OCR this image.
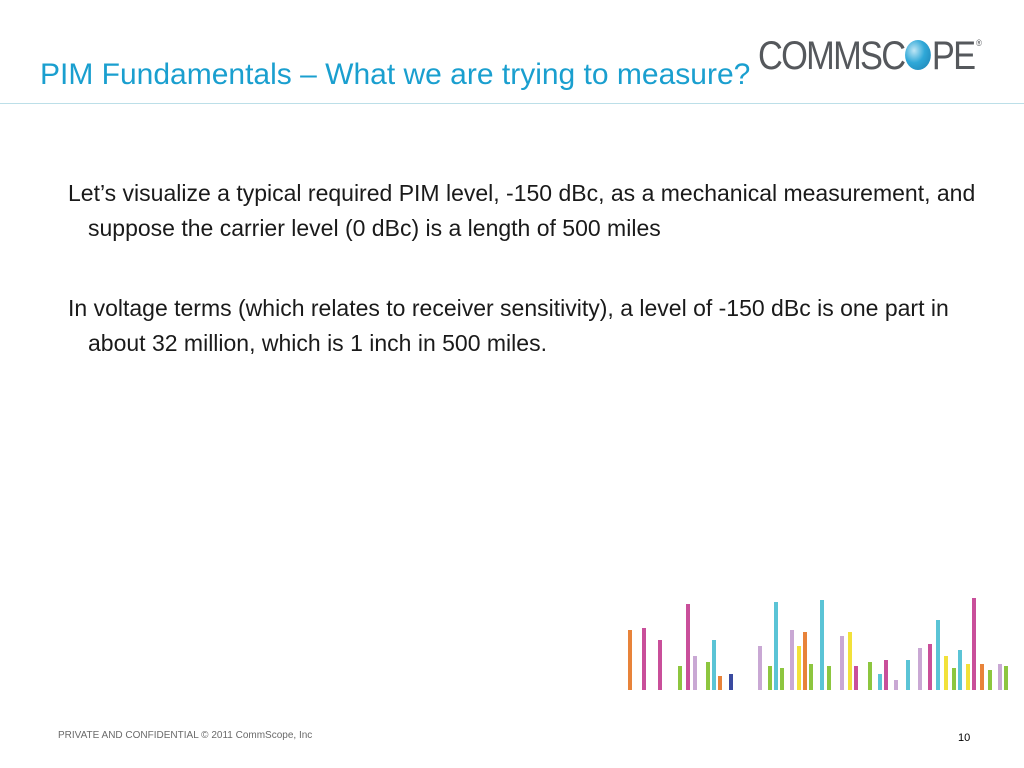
PIM Fundamentals – What we are trying to measure? COMMSC PE ®
Let’s visualize a typical required PIM level, -150 dBc, as a mechanical measurement, and suppose the carrier level (0 dBc) is a length of 500 miles
In voltage terms (which relates to receiver sensitivity), a level of -150 dBc is one part in about 32 million, which is 1 inch in 500 miles.
PRIVATE AND CONFIDENTIAL © 2011 CommScope, Inc	10
